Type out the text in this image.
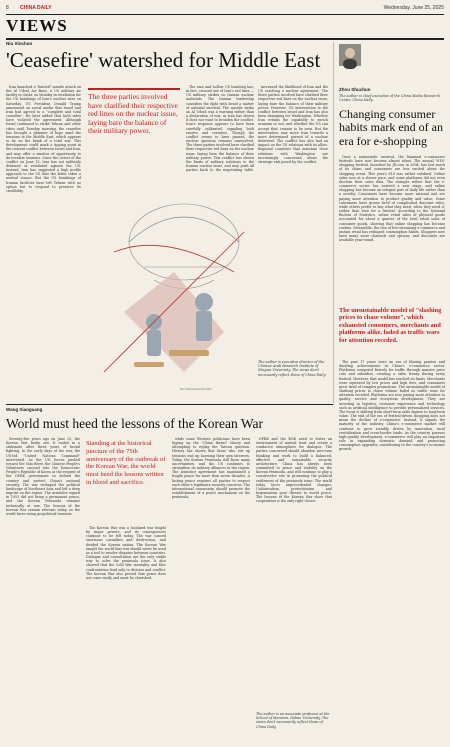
8 CHINA DAILY	Wednesday, June 25, 2025
VIEWS
Niu Xinchun
'Ceasefire' watershed for Middle East

Iran launched a "limited" missile attack on the Al Udeid Air Base, a US military air facility in Qatar, on Monday in retaliation for the US bombings of Iran's nuclear sites on Saturday. US President Donald Trump announced on social media that Israel and Iran had agreed to a "complete and total ceasefire". He later added that both sides have violated the agreement. Although Israel continued to strike Tehran and other cities until Tuesday morning, the ceasefire has brought a glimmer of hope amid the tensions in the Middle East, which appears to be on the brink of a total war. This development could mark a tipping point in the current conflict between Israel and Iran, and may offer a window of opportunity to de-escalate tensions. Since the outset of the conflict on June 13, Iran has not militarily detained or retaliated against the US. Instead, Iran has suggested a high profile approach to the US that the latter takes a neutral stance. But the US bombings of Iranian facilities have left Tehran with no option but to respond to preserve its credibility.

The three parties involved have clarified their respective red lines on the nuclear issue, laying bare the balance of their military power.

The vain and hollow US bombing has, in fact, crossed one of Iran's red lines — US military strikes on Iranian nuclear materials. The Iranian leadership considers the fight with Israel a matter of national survival. The missile strike on Al Udeid was a warning rather than a declaration of war, as Iran has shown it does not want to broaden the conflict. Iran's response appears to have been carefully calibrated, signaling both resolve and restraint. Though the conflict seems to have paused, the nuclear question remains unresolved. The three parties involved have clarified their respective red lines on the nuclear issue, laying bare the balance of their military power. This conflict has shown the limits of military solutions to the Iranian nuclear issue, and may push all parties back to the negotiating table.

increased the likelihood of Iran and the US reaching a nuclear agreement. The three parties involved have clarified their respective red lines on the nuclear issue, laying bare the balance of their military power. However, US intervention in the conflict between Israel and Iran has also been damaging for Washington. Whether Iran retains the capability to enrich uranium or not, and whether the US can accept that, remain to be seen. But the intervention may move Iran towards a more determined pursuit of a nuclear deterrent. The conflict has also had an impact on the US relations with its allies. Regional countries that maintain close relations with Washington are increasingly concerned about the strategic risk posed by the conflict.

MA XUEJING/CHINA DAILY
The author is executive director of the Chinese Arab Research Institute of Ningxia University. The views don't necessarily reflect those of China Daily.
Zhou Shuchun
The author is chief executive of the China Media Research Center, China Daily.
Changing consumer habits mark end of an era for e-shopping

Once a nationwide carnival, the biannual e-commerce festivals have now become almost silent. The annual "618" shopping festival, launched by JD.com in 2004, has lost much of its shine, and consumers are less excited about the shopping event. This year's 618 was rather subdued. Online sales rose at a slower pace, and some platforms did not even disclose their sales data. The changes reflect that the e-commerce sector has entered a new stage, and online shopping has become an integral part of daily life rather than a novelty. Consumers have become more rational and are paying more attention to product quality and value. Some consumers have grown tired of complicated discount rules, while others prefer to buy what they need, when they need it, rather than wait for a festival. According to the National Bureau of Statistics, online retail sales of physical goods accounted for about a quarter of the total retail sales of consumer goods, showing that online shopping has become routine. Meanwhile, the rise of live-streaming e-commerce and instant retail has reshaped consumption habits. Shoppers now have many more channels and options, and discounts are available year-round.

The unsustainable model of "slashing prices to chase volume", which exhausted consumers, merchants and platforms alike, faded as traffic wars for attention receded.

The past 17 years were an era of blazing passion and dazzling achievements in China's e-commerce sector. Platforms competed fiercely for traffic through massive price cuts and subsidies, creating a sales frenzy during every festival. However, that model has reached its limits. Merchants were squeezed by low prices and high fees, and consumers grew tired of complex promotions. The unsustainable model of slashing prices to chase volume faded as traffic wars for attention receded. Platforms are now paying more attention to quality, service and ecosystem development. They are investing in logistics, customer experience and technology such as artificial intelligence to provide personalized services. The focus is shifting from short-term sales figures to long-term value. The end of the era of festival-driven shopping does not mean the decline of e-commerce. Instead, it signals the maturity of the industry. China's e-commerce market will continue to grow steadily, driven by innovation, rural revitalization and cross-border trade. As the country pursues high-quality development, e-commerce will play an important role in expanding domestic demand and promoting consumption upgrades, contributing to the country's economic growth.

Wang Xiaoguang
World must heed the lessons of the Korean War

Seventy-five years ago on June 25, the Korean War broke out. It ended in a stalemate after three years of brutal fighting. In the early days of the war, the US-led "United Nations Command" intervened. As the UN forces pushed toward the Yalu River, the Chinese People's Volunteers crossed into the Democratic People's Republic of Korea at the request of the DPRK government to defend the country and protect China's national security. The war reshaped the political landscape of Northeast Asia and left a deep imprint on the region. The armistice signed in 1953 did not bring a permanent peace, and the Korean Peninsula remains technically at war. The lessons of the Korean War remain relevant today, as the world faces rising geopolitical tensions.

Standing at the historical juncture of the 75th anniversary of the outbreak of the Korean War, the world must heed the lessons written in blood and sacrifice.

The Korean War was a localized war fought by major powers, and its consequences continue to be felt today. The war caused enormous casualties and destruction, and divided the Korean nation. The Korean War taught the world that war should never be used as a tool to resolve disputes between countries. Dialogue and consultation are the only viable way to solve the peninsula issue. It also showed that the Cold War mentality and bloc confrontation lead only to division and conflict. The Korean War also proved that peace does not come easily and must be cherished.

while some Western politicians have been hyping up the "China threat" theory and attempting to replay the Taiwan question. History has shown that those who stir up tensions end up harming their own interests. Today, the Korean Peninsula still faces many uncertainties, and the US continues to strengthen its military alliances in the region. The armistice agreement has maintained a fragile peace for more than seven decades. A lasting peace requires all parties to respect each other's legitimate security concerns. The international community should promote the establishment of a peace mechanism on the peninsula.

DPRK and the ROK need to foster an environment of mutual trust and create a conducive atmosphere for dialogue. The parties concerned should abandon zero-sum thinking and work to build a balanced, effective and sustainable security architecture. China has always been committed to peace and stability on the Korean Peninsula, and will continue to play a constructive role in promoting the political settlement of the peninsula issue. The world today faces unprecedented changes. Unilateralism, protectionism and hegemonism pose threats to world peace. The lessons of the Korean War show that cooperation is the only right choice.

The author is an associate professor at the School of Marxism, Dalian University. The views don't necessarily reflect those of China Daily.
